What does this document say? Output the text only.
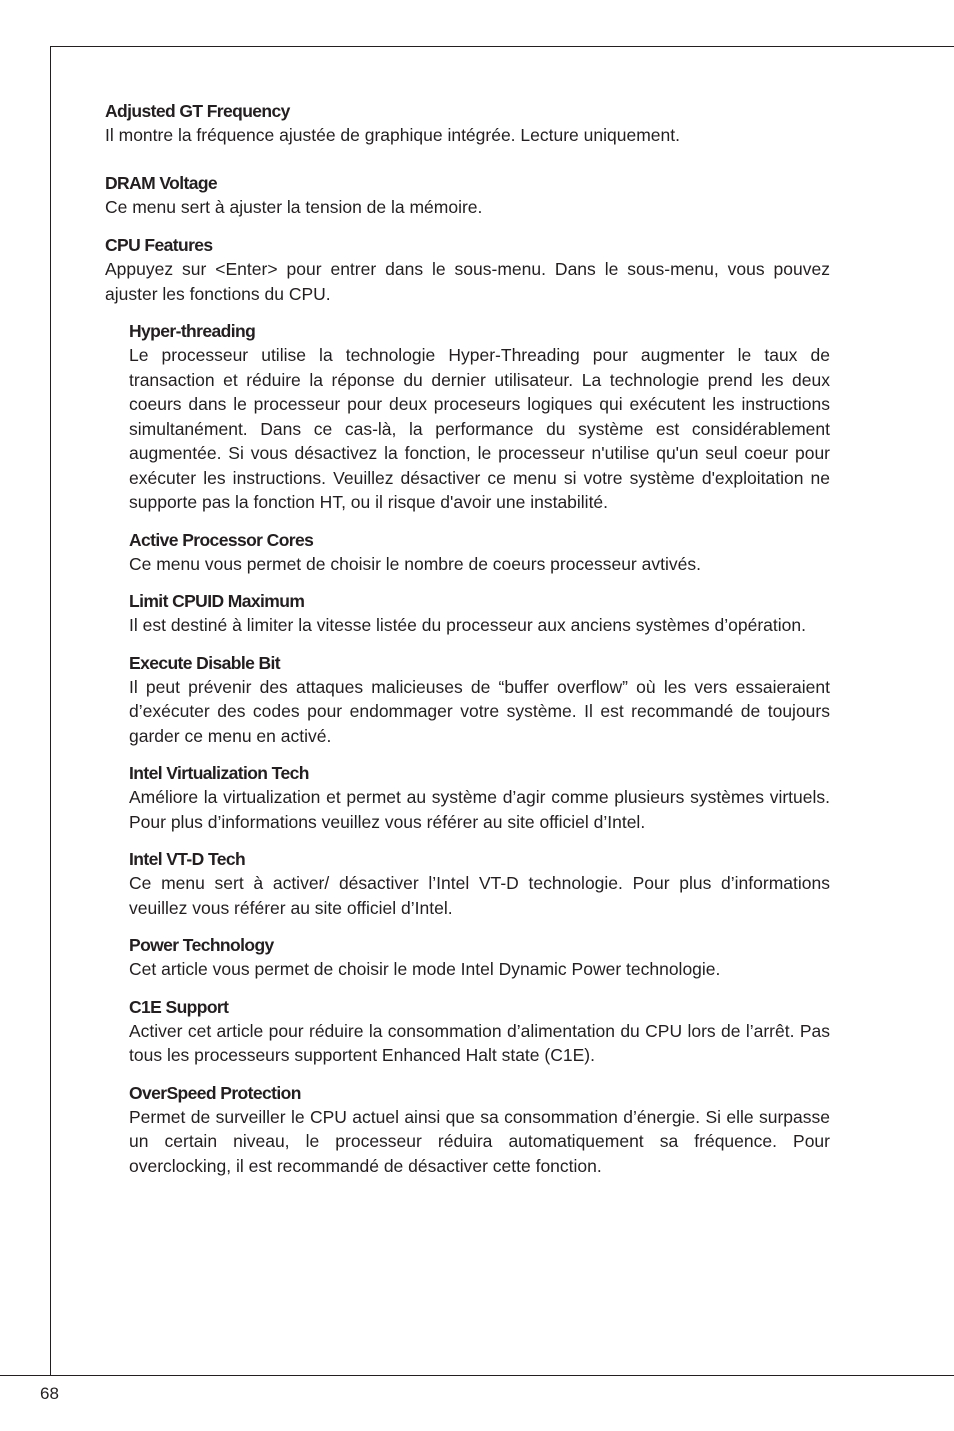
Adjusted GT Frequency
Il montre la fréquence ajustée de graphique intégrée. Lecture uniquement.
DRAM Voltage
Ce menu sert à ajuster la tension de la mémoire.
CPU Features
Appuyez sur <Enter> pour entrer dans le sous-menu. Dans le sous-menu, vous pouvez ajuster les fonctions du CPU.
Hyper-threading
Le processeur utilise la technologie Hyper-Threading pour augmenter le taux de transaction et réduire la réponse du dernier utilisateur. La technologie prend les deux coeurs dans le processeur pour deux proceseurs logiques qui exécutent les instructions simultanément. Dans ce cas-là, la performance du système est considérablement augmentée. Si vous désactivez la fonction, le processeur n'utilise qu'un seul coeur pour exécuter les instructions. Veuillez désactiver ce menu si votre système d'exploitation ne supporte pas la fonction HT, ou il risque d'avoir une instabilité.
Active Processor Cores
Ce menu vous permet de choisir le nombre de coeurs processeur avtivés.
Limit CPUID Maximum
Il est destiné à limiter la vitesse listée du processeur aux anciens systèmes d’opération.
Execute Disable Bit
Il peut prévenir des attaques malicieuses de “buffer overflow” où les vers essaieraient d’exécuter des codes pour endommager votre système. Il est recommandé de toujours garder ce menu en activé.
Intel Virtualization Tech
Améliore la virtualization et permet au système d’agir comme plusieurs systèmes virtuels. Pour plus d’informations veuillez vous référer au site officiel d’Intel.
Intel VT-D Tech
Ce menu sert à activer/ désactiver l’Intel VT-D technologie. Pour plus d’informations veuillez vous référer au site officiel d’Intel.
Power Technology
Cet article vous permet de choisir le mode Intel Dynamic Power technologie.
C1E Support
Activer cet article pour réduire la consommation d’alimentation du CPU lors de l’arrêt. Pas tous les processeurs supportent Enhanced Halt state (C1E).
OverSpeed Protection
Permet de surveiller le CPU actuel ainsi que sa consommation d’énergie. Si elle surpasse un certain niveau, le processeur réduira automatiquement sa fréquence. Pour overclocking, il est recommandé de désactiver cette fonction.
68
